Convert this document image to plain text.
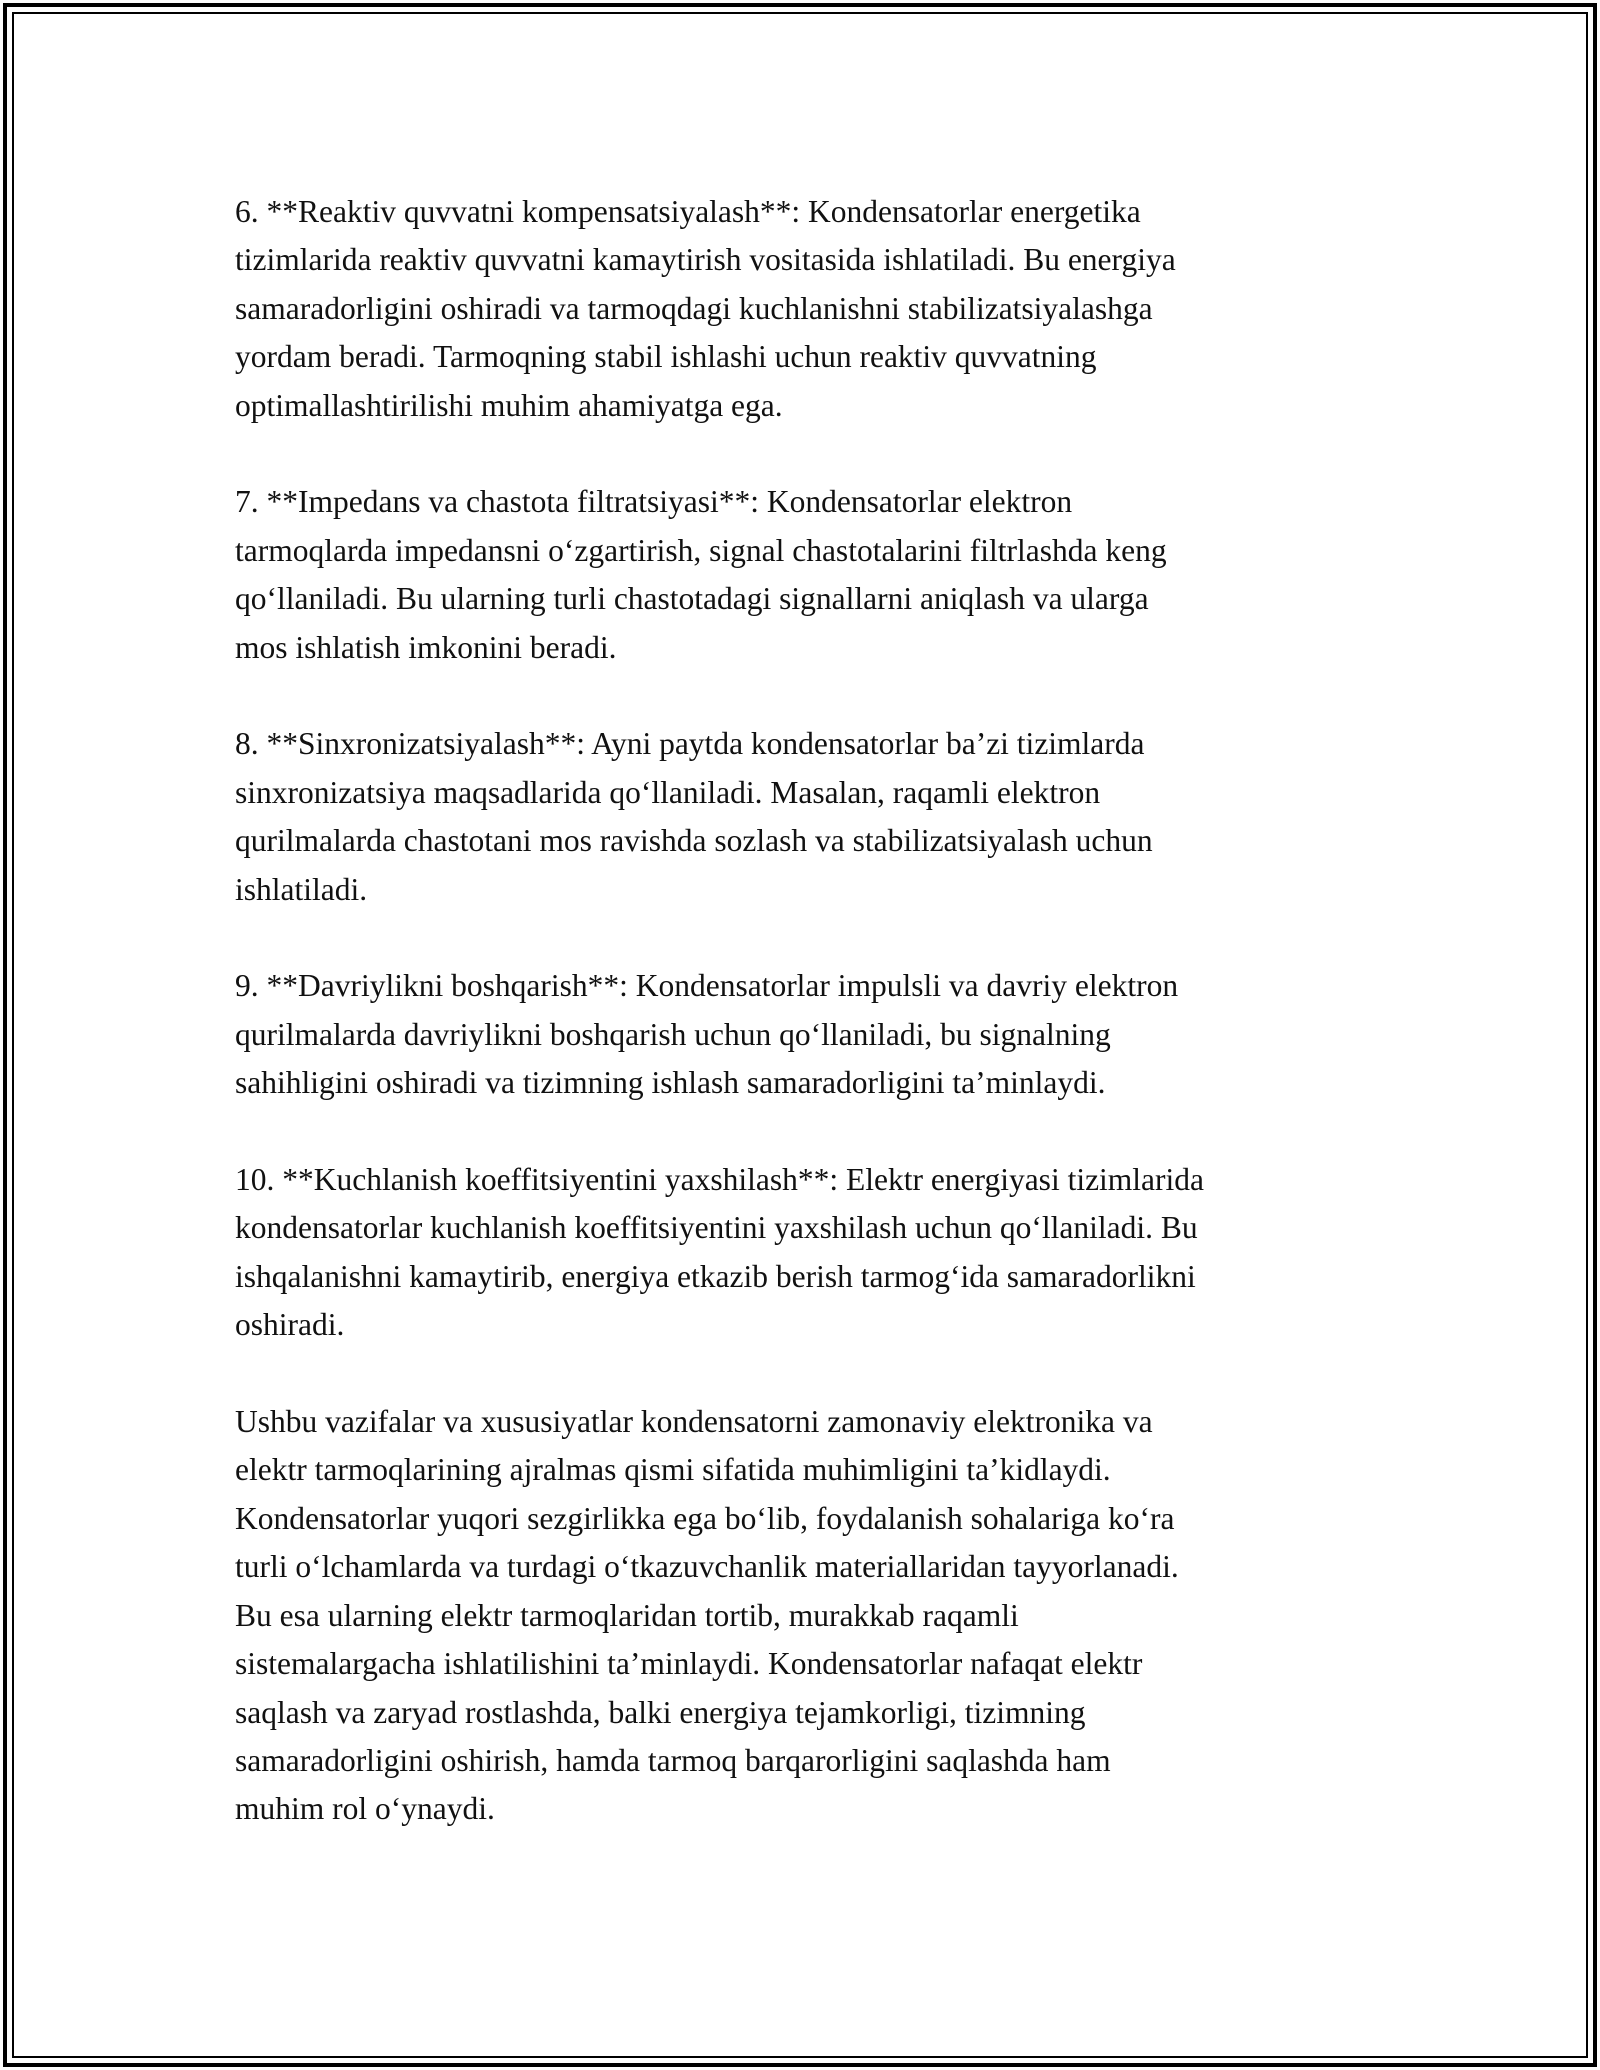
6. **Reaktiv quvvatni kompensatsiyalash**: Kondensatorlar energetika
tizimlarida reaktiv quvvatni kamaytirish vositasida ishlatiladi. Bu energiya
samaradorligini oshiradi va tarmoqdagi kuchlanishni stabilizatsiyalashga
yordam beradi. Tarmoqning stabil ishlashi uchun reaktiv quvvatning
optimallashtirilishi muhim ahamiyatga ega.

7. **Impedans va chastota filtratsiyasi**: Kondensatorlar elektron
tarmoqlarda impedansni o‘zgartirish, signal chastotalarini filtrlashda keng
qo‘llaniladi. Bu ularning turli chastotadagi signallarni aniqlash va ularga
mos ishlatish imkonini beradi.

8. **Sinxronizatsiyalash**: Ayni paytda kondensatorlar ba’zi tizimlarda
sinxronizatsiya maqsadlarida qo‘llaniladi. Masalan, raqamli elektron
qurilmalarda chastotani mos ravishda sozlash va stabilizatsiyalash uchun
ishlatiladi.

9. **Davriylikni boshqarish**: Kondensatorlar impulsli va davriy elektron
qurilmalarda davriylikni boshqarish uchun qo‘llaniladi, bu signalning
sahihligini oshiradi va tizimning ishlash samaradorligini ta’minlaydi.

10. **Kuchlanish koeffitsiyentini yaxshilash**: Elektr energiyasi tizimlarida
kondensatorlar kuchlanish koeffitsiyentini yaxshilash uchun qo‘llaniladi. Bu
ishqalanishni kamaytirib, energiya etkazib berish tarmog‘ida samaradorlikni
oshiradi.

Ushbu vazifalar va xususiyatlar kondensatorni zamonaviy elektronika va
elektr tarmoqlarining ajralmas qismi sifatida muhimligini ta’kidlaydi.
Kondensatorlar yuqori sezgirlikka ega bo‘lib, foydalanish sohalariga ko‘ra
turli o‘lchamlarda va turdagi o‘tkazuvchanlik materiallaridan tayyorlanadi.
Bu esa ularning elektr tarmoqlaridan tortib, murakkab raqamli
sistemalargacha ishlatilishini ta’minlaydi. Kondensatorlar nafaqat elektr
saqlash va zaryad rostlashda, balki energiya tejamkorligi, tizimning
samaradorligini oshirish, hamda tarmoq barqarorligini saqlashda ham
muhim rol o‘ynaydi.
